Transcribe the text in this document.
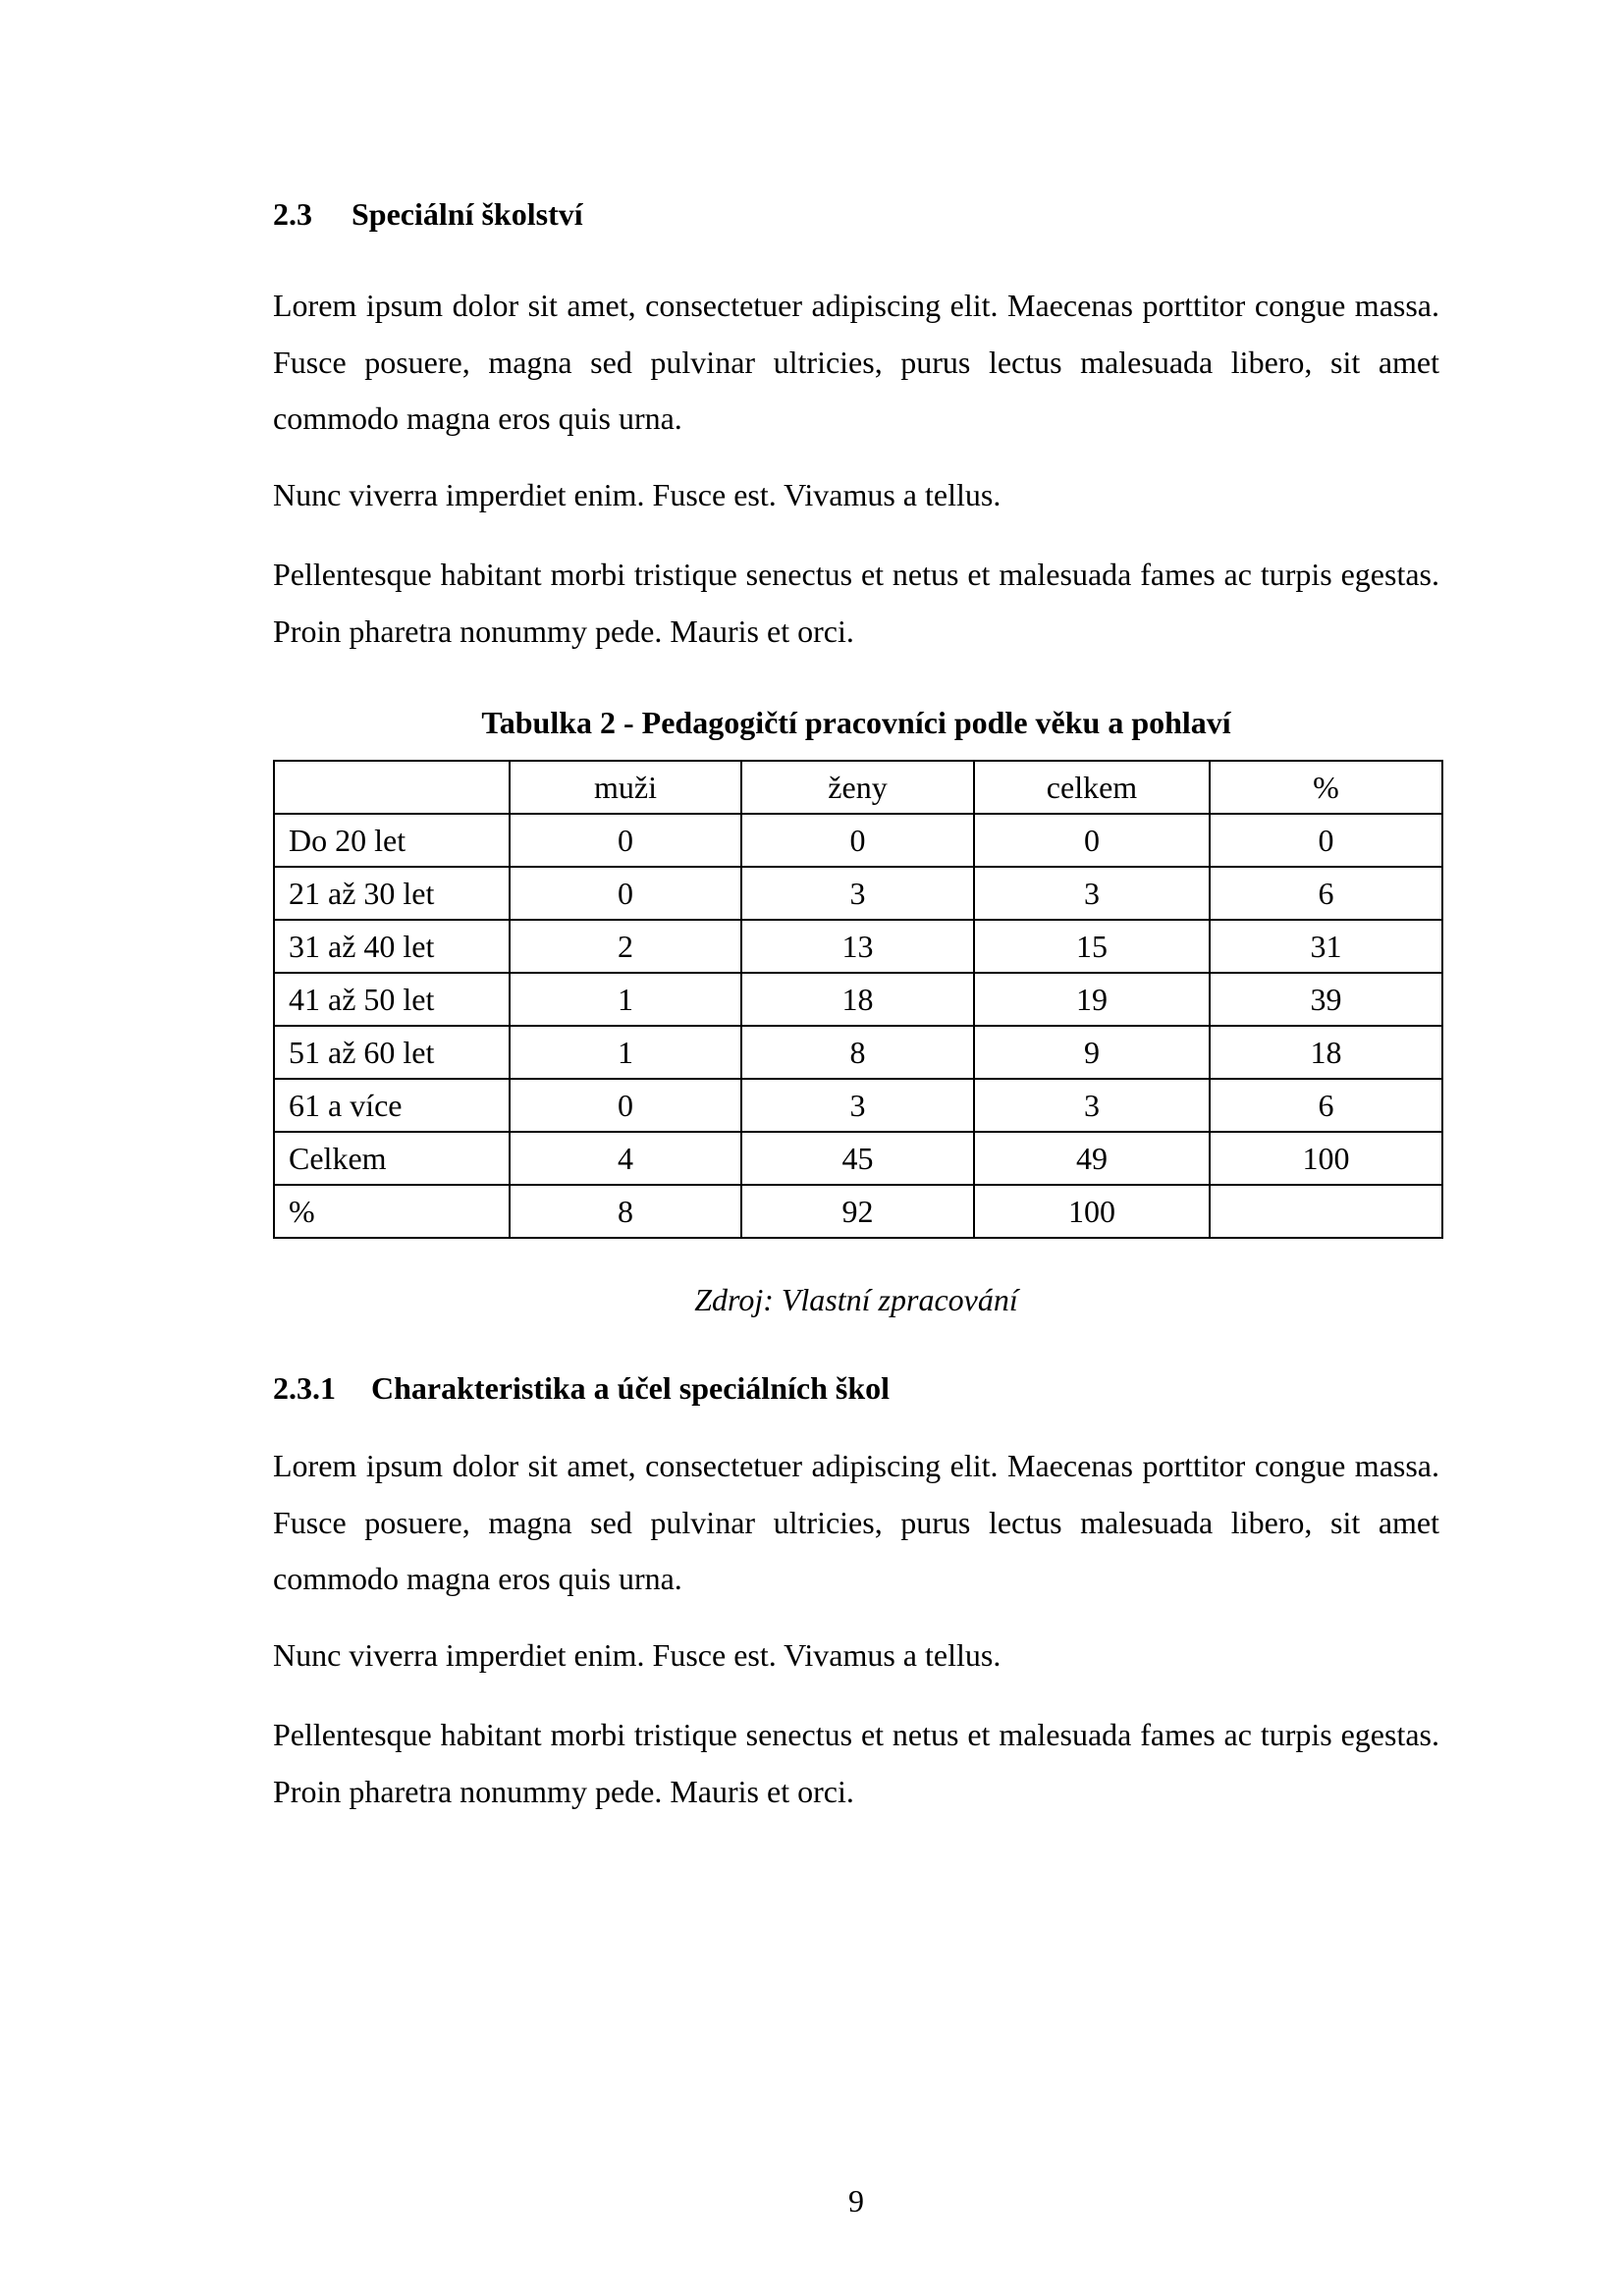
2.3 Speciální školství

Lorem ipsum dolor sit amet, consectetuer adipiscing elit. Maecenas porttitor congue massa. Fusce posuere, magna sed pulvinar ultricies, purus lectus malesuada libero, sit amet commodo magna eros quis urna.

Nunc viverra imperdiet enim. Fusce est. Vivamus a tellus.

Pellentesque habitant morbi tristique senectus et netus et malesuada fames ac turpis egestas. Proin pharetra nonummy pede. Mauris et orci.

Tabulka 2 - Pedagogičtí pracovníci podle věku a pohlaví

	muži	ženy	celkem	%
Do 20 let	0	0	0	0
21 až 30 let	0	3	3	6
31 až 40 let	2	13	15	31
41 až 50 let	1	18	19	39
51 až 60 let	1	8	9	18
61 a více	0	3	3	6
Celkem	4	45	49	100
%	8	92	100	

Zdroj: Vlastní zpracování

2.3.1 Charakteristika a účel speciálních škol

Lorem ipsum dolor sit amet, consectetuer adipiscing elit. Maecenas porttitor congue massa. Fusce posuere, magna sed pulvinar ultricies, purus lectus malesuada libero, sit amet commodo magna eros quis urna.

Nunc viverra imperdiet enim. Fusce est. Vivamus a tellus.

Pellentesque habitant morbi tristique senectus et netus et malesuada fames ac turpis egestas. Proin pharetra nonummy pede. Mauris et orci.

9
